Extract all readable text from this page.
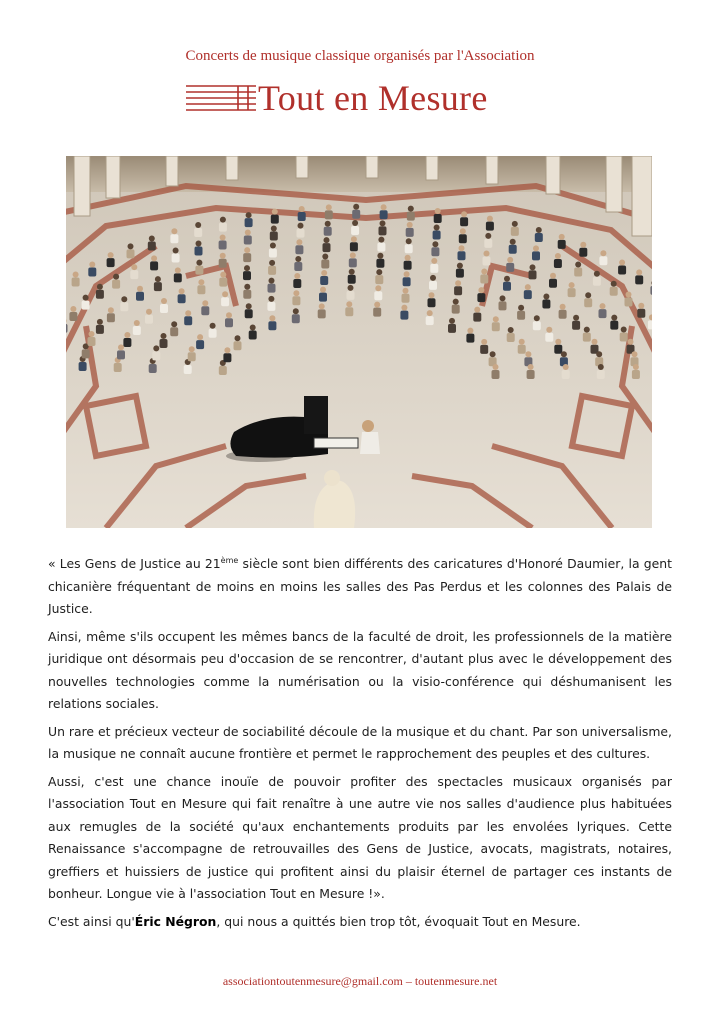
Concerts de musique classique organisés par l'Association
Tout en Mesure

« Les Gens de Justice au 21ème siècle sont bien différents des caricatures d'Honoré Daumier, la gent chicanière fréquentant de moins en moins les salles des Pas Perdus et les colonnes des Palais de Justice.

Ainsi, même s'ils occupent les mêmes bancs de la faculté de droit, les professionnels de la matière juridique ont désormais peu d'occasion de se rencontrer, d'autant plus avec le développement des nouvelles technologies comme la numérisation ou la visio-conférence qui déshumanisent les relations sociales.

Un rare et précieux vecteur de sociabilité découle de la musique et du chant. Par son universalisme, la musique ne connaît aucune frontière et permet le rapprochement des peuples et des cultures.

Aussi, c'est une chance inouïe de pouvoir profiter des spectacles musicaux organisés par l'association Tout en Mesure qui fait renaître à une autre vie nos salles d'audience plus habituées aux remugles de la société qu'aux enchantements produits par les envolées lyriques. Cette Renaissance s'accompagne de retrouvailles des Gens de Justice, avocats, magistrats, notaires, greffiers et huissiers de justice qui profitent ainsi du plaisir éternel de partager ces instants de bonheur. Longue vie à l'association Tout en Mesure !».

C'est ainsi qu'Éric Négron, qui nous a quittés bien trop tôt, évoquait Tout en Mesure.

associationtoutenmesure@gmail.com – toutenmesure.net
